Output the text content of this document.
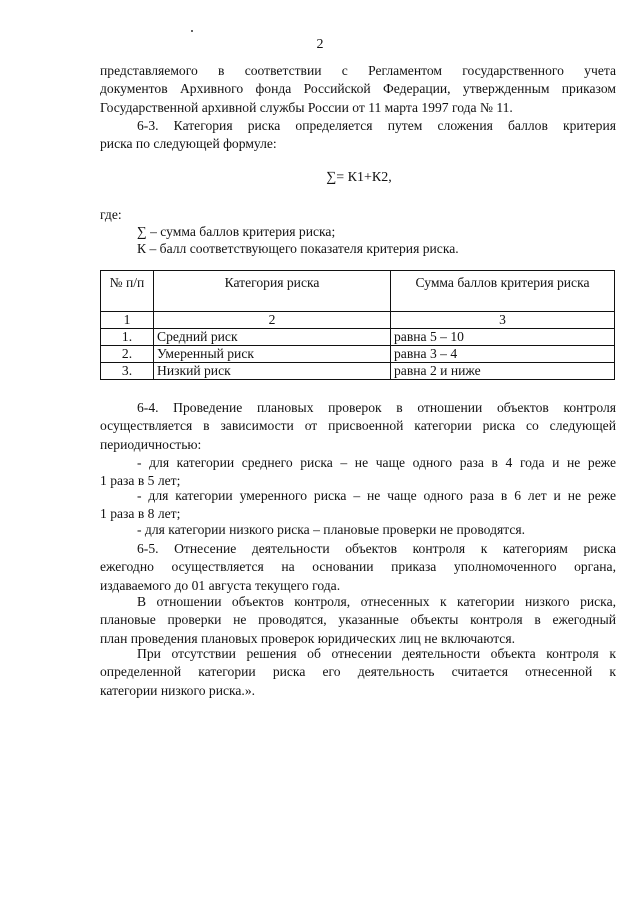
2
представляемого в соответствии с Регламентом государственного учета
документов Архивного фонда Российской Федерации, утвержденным приказом
Государственной архивной службы России от 11 марта 1997 года № 11.
6-3. Категория риска определяется путем сложения баллов критерия
риска по следующей формуле:
∑= К1+К2,
где:
∑ – сумма баллов критерия риска;
К – балл соответствующего показателя критерия риска.
№ п/п	Категория риска	Сумма баллов критерия риска
1	2	3
1.	Средний риск	равна 5 – 10
2.	Умеренный риск	равна 3 – 4
3.	Низкий риск	равна 2 и ниже
6-4. Проведение плановых проверок в отношении объектов контроля
осуществляется в зависимости от присвоенной категории риска со следующей
периодичностью:
- для категории среднего риска – не чаще одного раза в 4 года и не реже
1 раза в 5 лет;
- для категории умеренного риска – не чаще одного раза в 6 лет и не реже
1 раза в 8 лет;
- для категории низкого риска – плановые проверки не проводятся.
6-5. Отнесение деятельности объектов контроля к категориям риска
ежегодно осуществляется на основании приказа уполномоченного органа,
издаваемого до 01 августа текущего года.
В отношении объектов контроля, отнесенных к категории низкого риска,
плановые проверки не проводятся, указанные объекты контроля в ежегодный
план проведения плановых проверок юридических лиц не включаются.
При отсутствии решения об отнесении деятельности объекта контроля к
определенной категории риска его деятельность считается отнесенной к
категории низкого риска.».
